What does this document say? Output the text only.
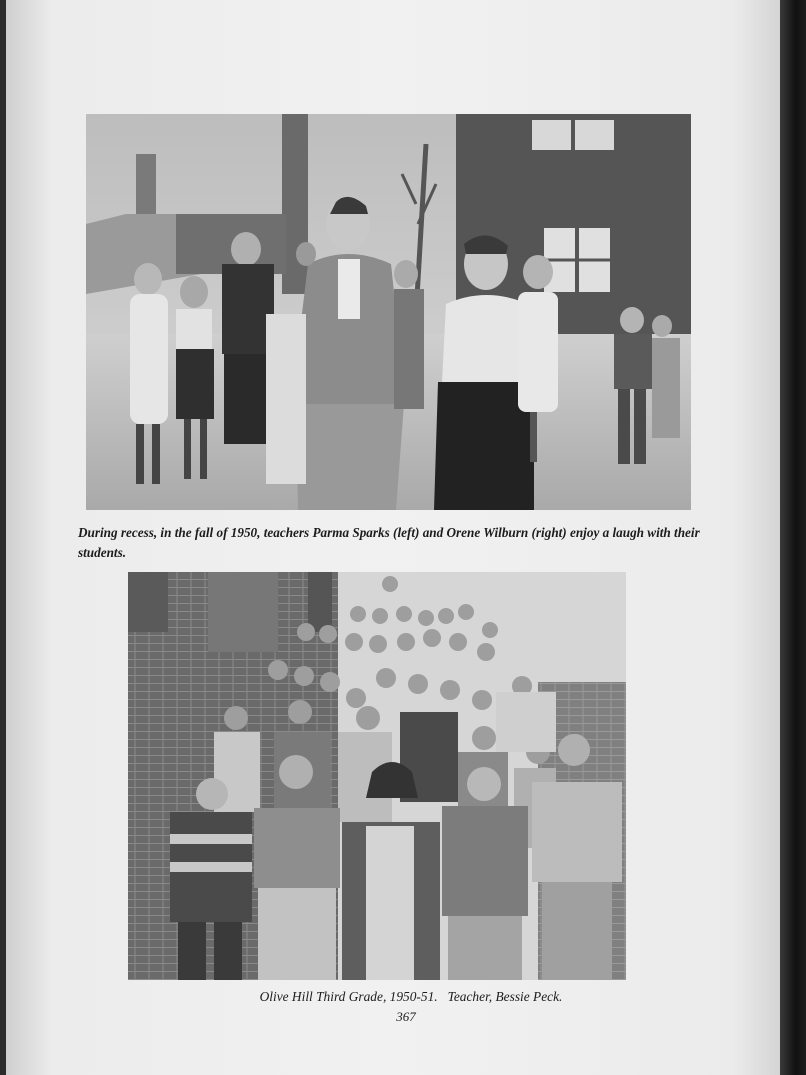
During recess, in the fall of 1950, teachers Parma Sparks (left) and Orene Wilburn (right) enjoy a laugh with their students.

Olive Hill Third Grade, 1950-51. Teacher, Bessie Peck.

367
